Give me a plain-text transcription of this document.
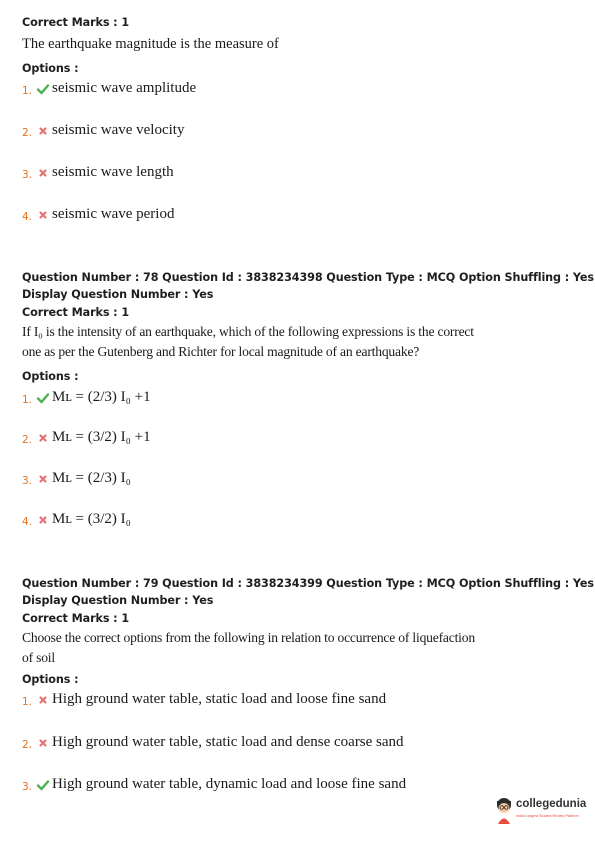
Correct Marks : 1
The earthquake magnitude is the measure of
Options :
1. seismic wave amplitude
2. seismic wave velocity
3. seismic wave length
4. seismic wave period
Question Number : 78 Question Id : 3838234398 Question Type : MCQ Option Shuffling : Yes
Display Question Number : Yes
Correct Marks : 1
If I₀ is the intensity of an earthquake, which of the following expressions is the correct
one as per the Gutenberg and Richter for local magnitude of an earthquake?
Options :
1. Mʟ = (2/3) I₀ +1
2. Mʟ = (3/2) I₀ +1
3. Mʟ = (2/3) I₀
4. Mʟ = (3/2) I₀
Question Number : 79 Question Id : 3838234399 Question Type : MCQ Option Shuffling : Yes
Display Question Number : Yes
Correct Marks : 1
Choose the correct options from the following in relation to occurrence of liquefaction
of soil
Options :
1. High ground water table, static load and loose fine sand
2. High ground water table, static load and dense coarse sand
3. High ground water table, dynamic load and loose fine sand
collegedunia
India's largest Student Review Platform
